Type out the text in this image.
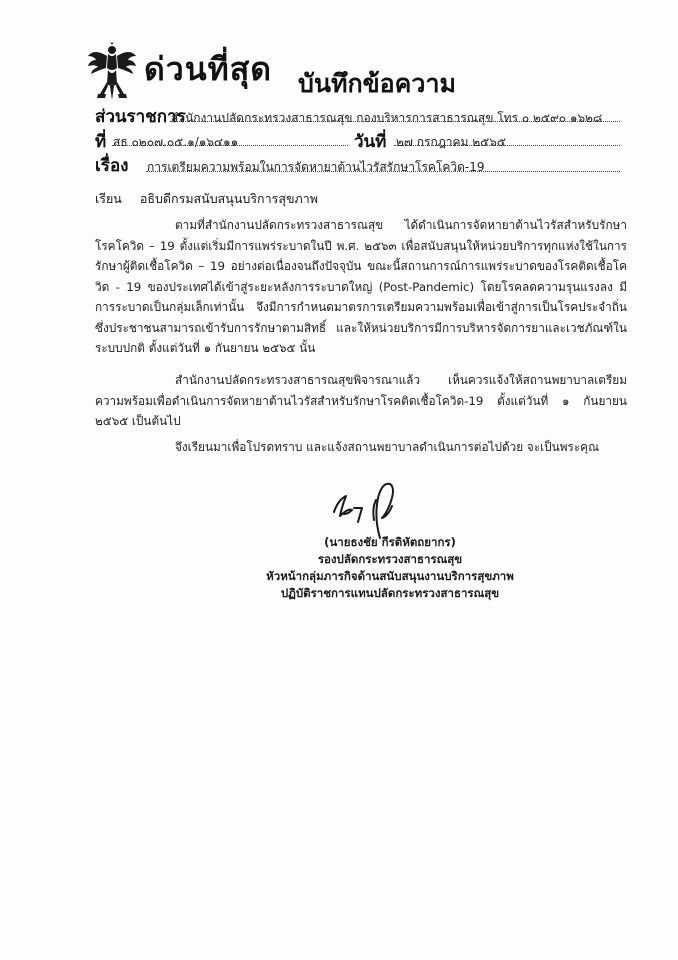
ด่วนที่สุด บันทึกข้อความ
ส่วนราชการ
สำนักงานปลัดกระทรวงสาธารณสุข กองบริหารการสาธารณสุข โทร ๐ ๒๕๙๐ ๑๖๒๘
ที่ สธ ๐๒๐๗.๐๕.๑/๑๖๔๑๑	วันที่ ๒๗ กรกฎาคม ๒๕๖๕
เรื่อง การเตรียมความพร้อมในการจัดหายาต้านไวรัสรักษาโรคโควิด-19
เรียน อธิบดีกรมสนับสนุนบริการสุขภาพ

ตามที่สำนักงานปลัดกระทรวงสาธารณสุข ได้ดำเนินการจัดหายาต้านไวรัสสำหรับรักษาโรคโควิด – 19 ตั้งแต่เริ่มมีการแพร่ระบาดในปี พ.ศ. ๒๕๖๓ เพื่อสนับสนุนให้หน่วยบริการทุกแห่งใช้ในการรักษาผู้ติดเชื้อโควิด – 19 อย่างต่อเนื่องจนถึงปัจจุบัน ขณะนี้สถานการณ์การแพร่ระบาดของโรคติดเชื้อโควิด - 19 ของประเทศได้เข้าสู่ระยะหลังการระบาดใหญ่ (Post-Pandemic) โดยโรคลดความรุนแรงลง มีการระบาดเป็นกลุ่มเล็กเท่านั้น จึงมีการกำหนดมาตรการเตรียมความพร้อมเพื่อเข้าสู่การเป็นโรคประจำถิ่น ซึ่งประชาชนสามารถเข้ารับการรักษาตามสิทธิ์ และให้หน่วยบริการมีการบริหารจัดการยาและเวชภัณฑ์ในระบบปกติ ตั้งแต่วันที่ ๑ กันยายน ๒๕๖๕ นั้น

สำนักงานปลัดกระทรวงสาธารณสุขพิจารณาแล้ว เห็นควรแจ้งให้สถานพยาบาลเตรียมความพร้อมเพื่อดำเนินการจัดหายาต้านไวรัสสำหรับรักษาโรคติดเชื้อโควิด-19 ตั้งแต่วันที่ ๑ กันยายน ๒๕๖๕ เป็นต้นไป

จึงเรียนมาเพื่อโปรดทราบ และแจ้งสถานพยาบาลดำเนินการต่อไปด้วย จะเป็นพระคุณ

(นายธงชัย กีรติหัตถยากร)
รองปลัดกระทรวงสาธารณสุข
หัวหน้ากลุ่มภารกิจด้านสนับสนุนงานบริการสุขภาพ
ปฏิบัติราชการแทนปลัดกระทรวงสาธารณสุข
